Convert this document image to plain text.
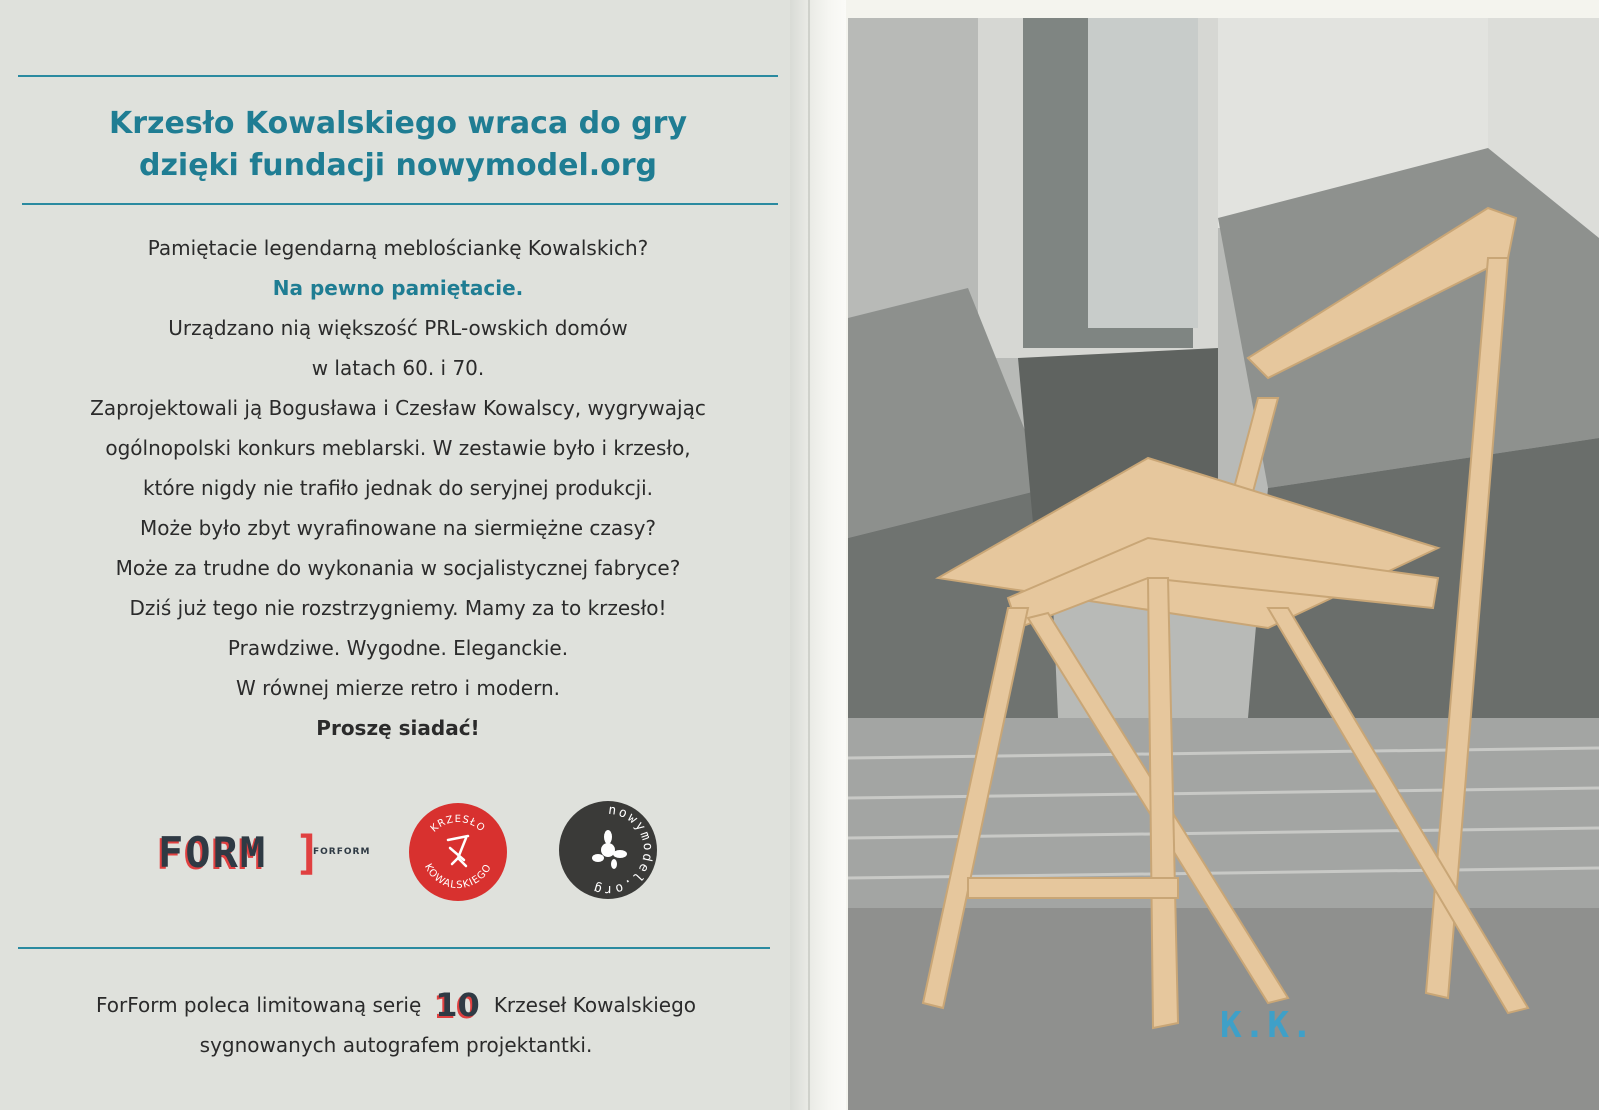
Krzesło Kowalskiego wraca do gry
dzięki fundacji nowymodel.org
Pamiętacie legendarną meblościankę Kowalskich?
Na pewno pamiętacie.
Urządzano nią większość PRL-owskich domów
w latach 60. i 70.
Zaprojektowali ją Bogusława i Czesław Kowalscy, wygrywając
ogólnopolski konkurs meblarski. W zestawie było i krzesło,
które nigdy nie trafiło jednak do seryjnej produkcji.
Może było zbyt wyrafinowane na siermiężne czasy?
Może za trudne do wykonania w socjalistycznej fabryce?
Dziś już tego nie rozstrzygniemy. Mamy za to krzesło!
Prawdziwe. Wygodne. Eleganckie.
W równej mierze retro i modern.
Proszę siadać!
FORM ]
FORFORM
KRZESŁO
KOWALSKIEGO
nowymodel.org
ForForm poleca limitowaną serię 10 Krzeseł Kowalskiego
sygnowanych autografem projektantki.	K.K.
